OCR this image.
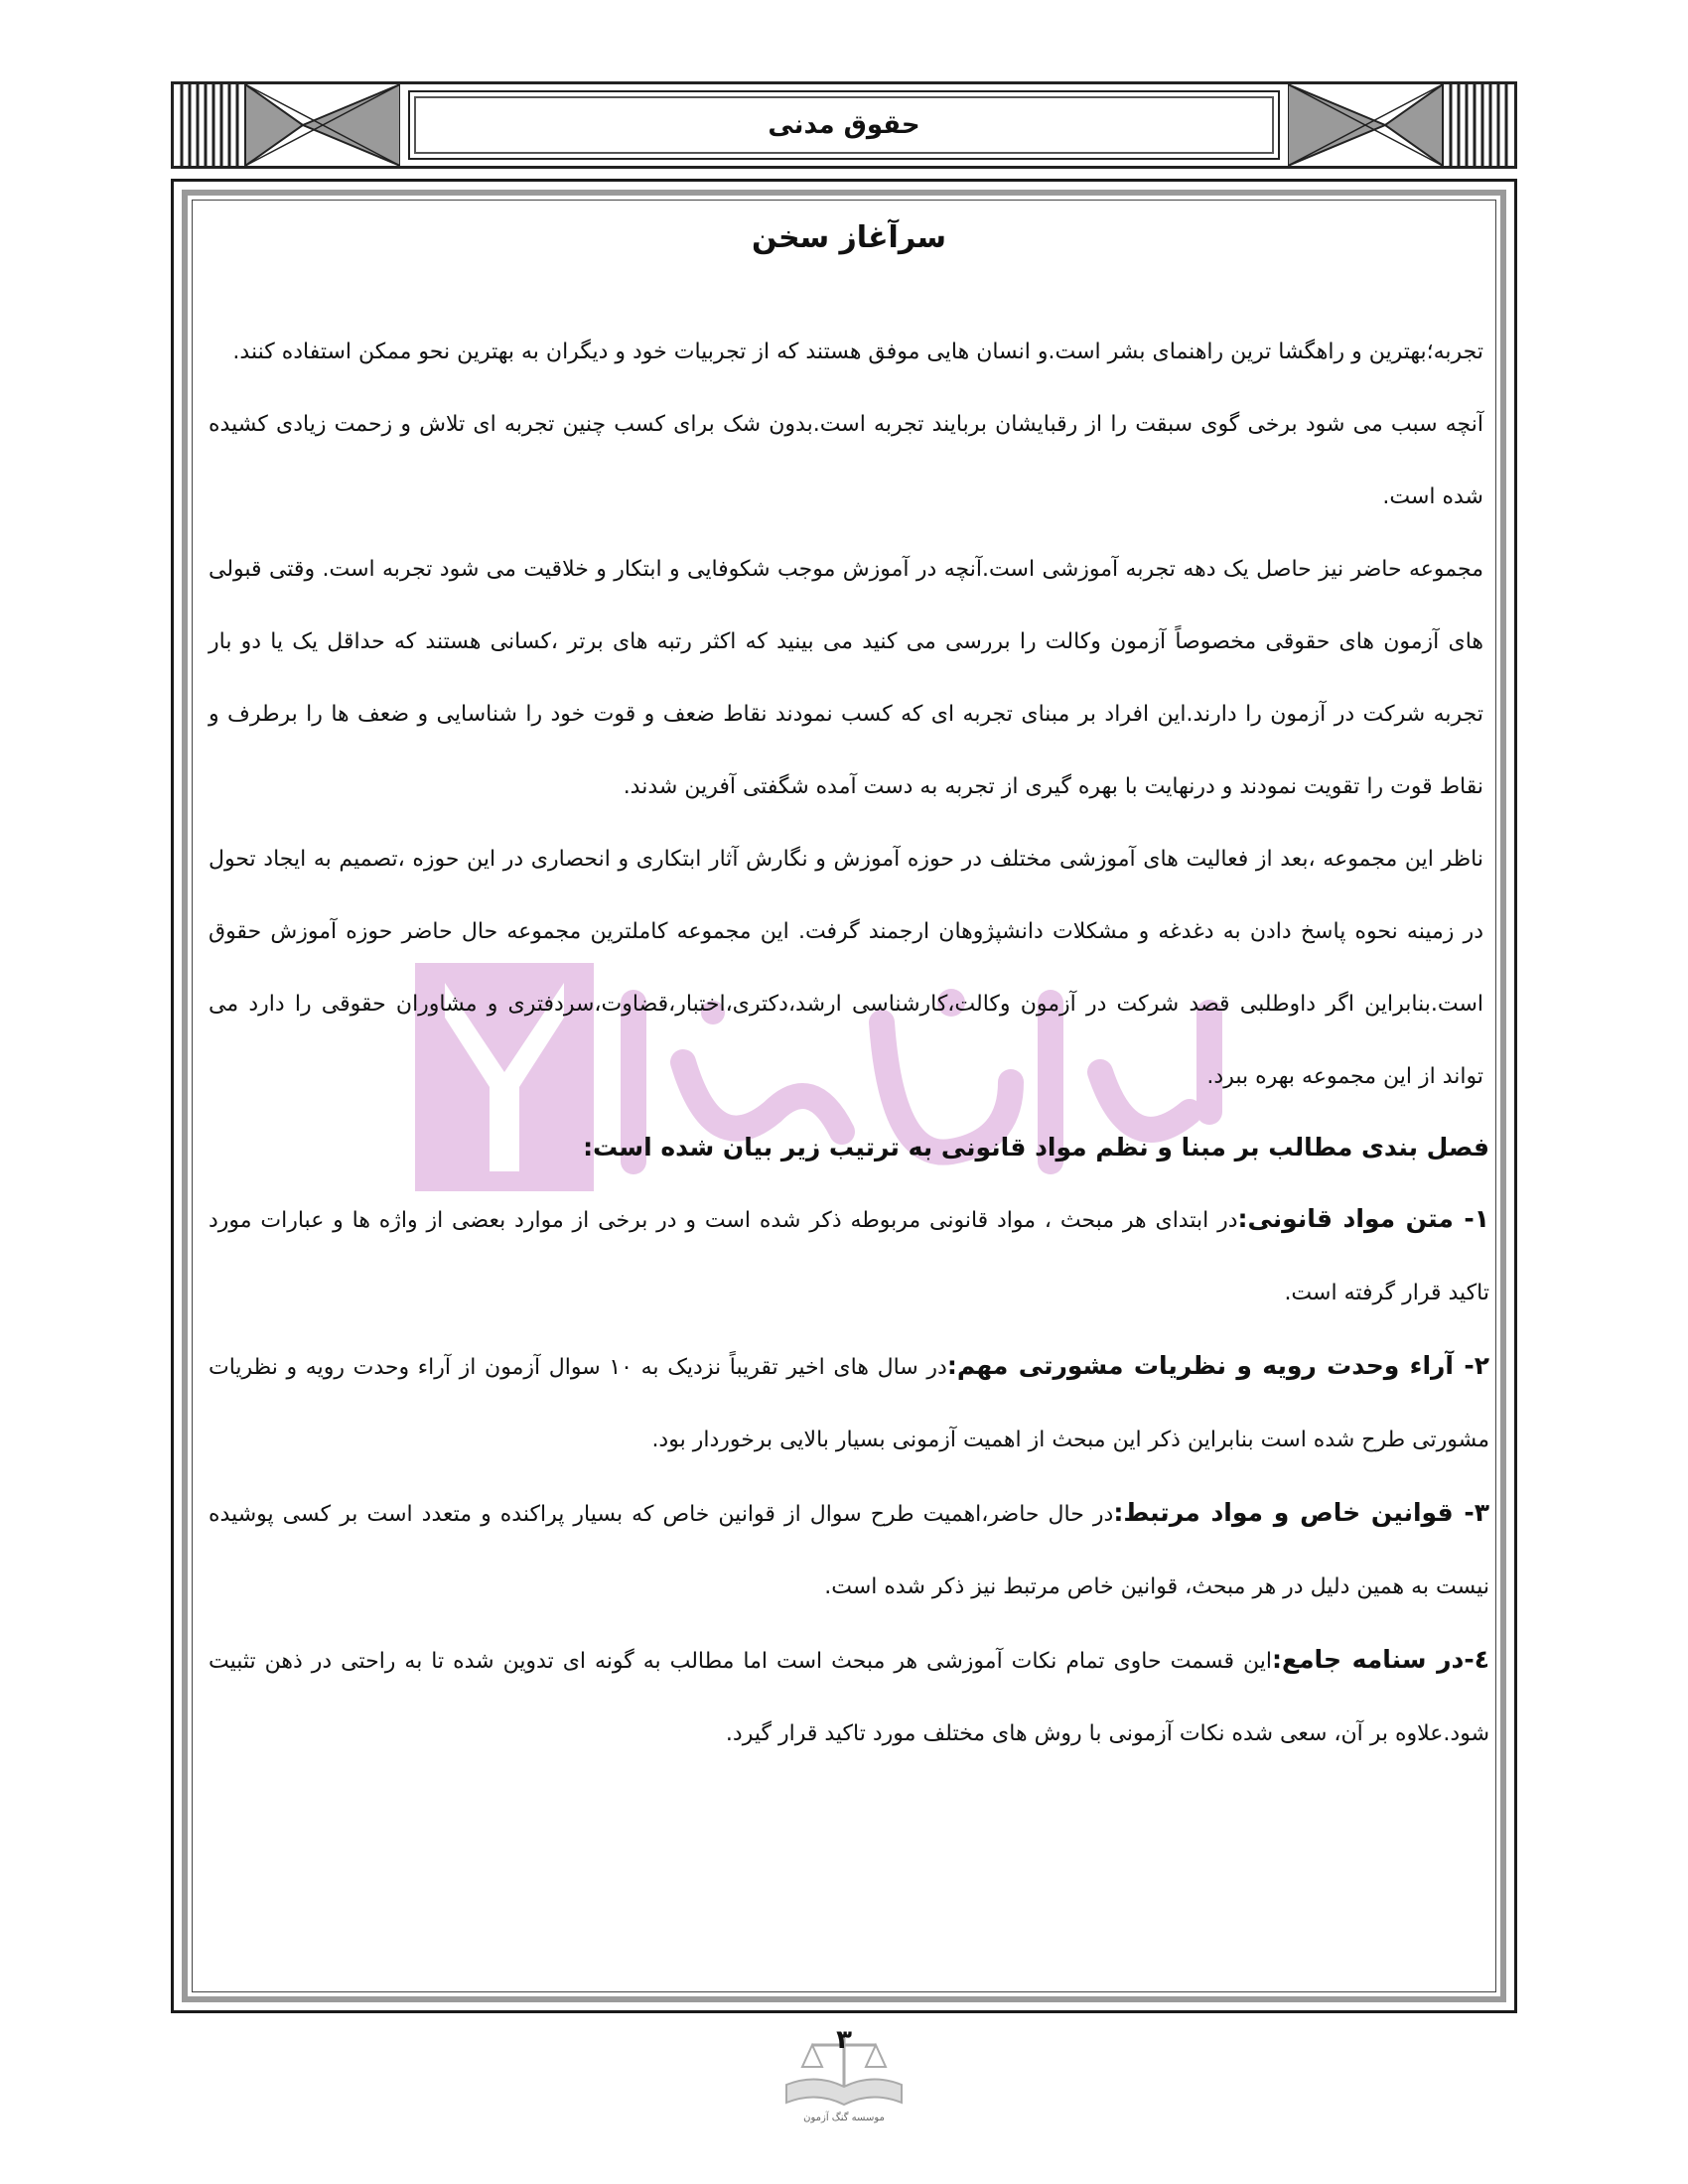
حقوق مدنی
سرآغاز سخن

تجربه؛بهترین و راهگشا ترین راهنمای بشر است.و انسان هایی موفق هستند که از تجربیات خود و دیگران به بهترین نحو ممکن استفاده کنند.

آنچه سبب می شود برخی گوی سبقت را از رقبایشان بربایند تجربه است.بدون شک برای کسب چنین تجربه ای تلاش و زحمت زیادی کشیده شده است.

مجموعه حاضر نیز حاصل یک دهه تجربه آموزشی است.آنچه در آموزش موجب شکوفایی و ابتکار و خلاقیت می شود تجربه است. وقتی قبولی های آزمون های حقوقی مخصوصاً آزمون وکالت را بررسی می کنید می بینید که اکثر رتبه های برتر ،کسانی هستند که حداقل یک یا دو بار تجربه شرکت در آزمون را دارند.این افراد بر مبنای تجربه ای که کسب نمودند نقاط ضعف و قوت خود را شناسایی و ضعف ها را برطرف و نقاط قوت را تقویت نمودند و درنهایت با بهره گیری از تجربه به دست آمده شگفتی آفرین شدند.

ناظر این مجموعه ،بعد از فعالیت های آموزشی مختلف در حوزه آموزش و نگارش آثار ابتکاری و انحصاری در این حوزه ،تصمیم به ایجاد تحول در زمینه نحوه پاسخ دادن به دغدغه و مشکلات دانشپژوهان ارجمند گرفت. این مجموعه کاملترین مجموعه حال حاضر حوزه آموزش حقوق است.بنابراین اگر داوطلبی قصد شرکت در آزمون وکالت،کارشناسی ارشد،دکتری،اختبار،قضاوت،سردفتری و مشاوران حقوقی را دارد می تواند از این مجموعه بهره ببرد.

فصل بندی مطالب بر مبنا و نظم مواد قانونی به ترتیب زیر بیان شده است:

۱- متن مواد قانونی:در ابتدای هر مبحث ، مواد قانونی مربوطه ذکر شده است و در برخی از موارد بعضی از واژه ها و عبارات مورد تاکید قرار گرفته است.

۲- آراء وحدت رویه و نظریات مشورتی مهم:در سال های اخیر تقریباً نزدیک به ۱۰ سوال آزمون از آراء وحدت رویه و نظریات مشورتی طرح شده است بنابراین ذکر این مبحث از اهمیت آزمونی بسیار بالایی برخوردار بود.

۳- قوانین خاص و مواد مرتبط:در حال حاضر،اهمیت طرح سوال از قوانین خاص که بسیار پراکنده و متعدد است بر کسی پوشیده نیست به همین دلیل در هر مبحث، قوانین خاص مرتبط نیز ذکر شده است.

٤-در سنامه جامع:این قسمت حاوی تمام نکات آموزشی هر مبحث است اما مطالب به گونه ای تدوین شده تا به راحتی در ذهن تثبیت شود.علاوه بر آن، سعی شده نکات آزمونی با روش های مختلف مورد تاکید قرار گیرد.

۳
موسسه گنگ آزمون
